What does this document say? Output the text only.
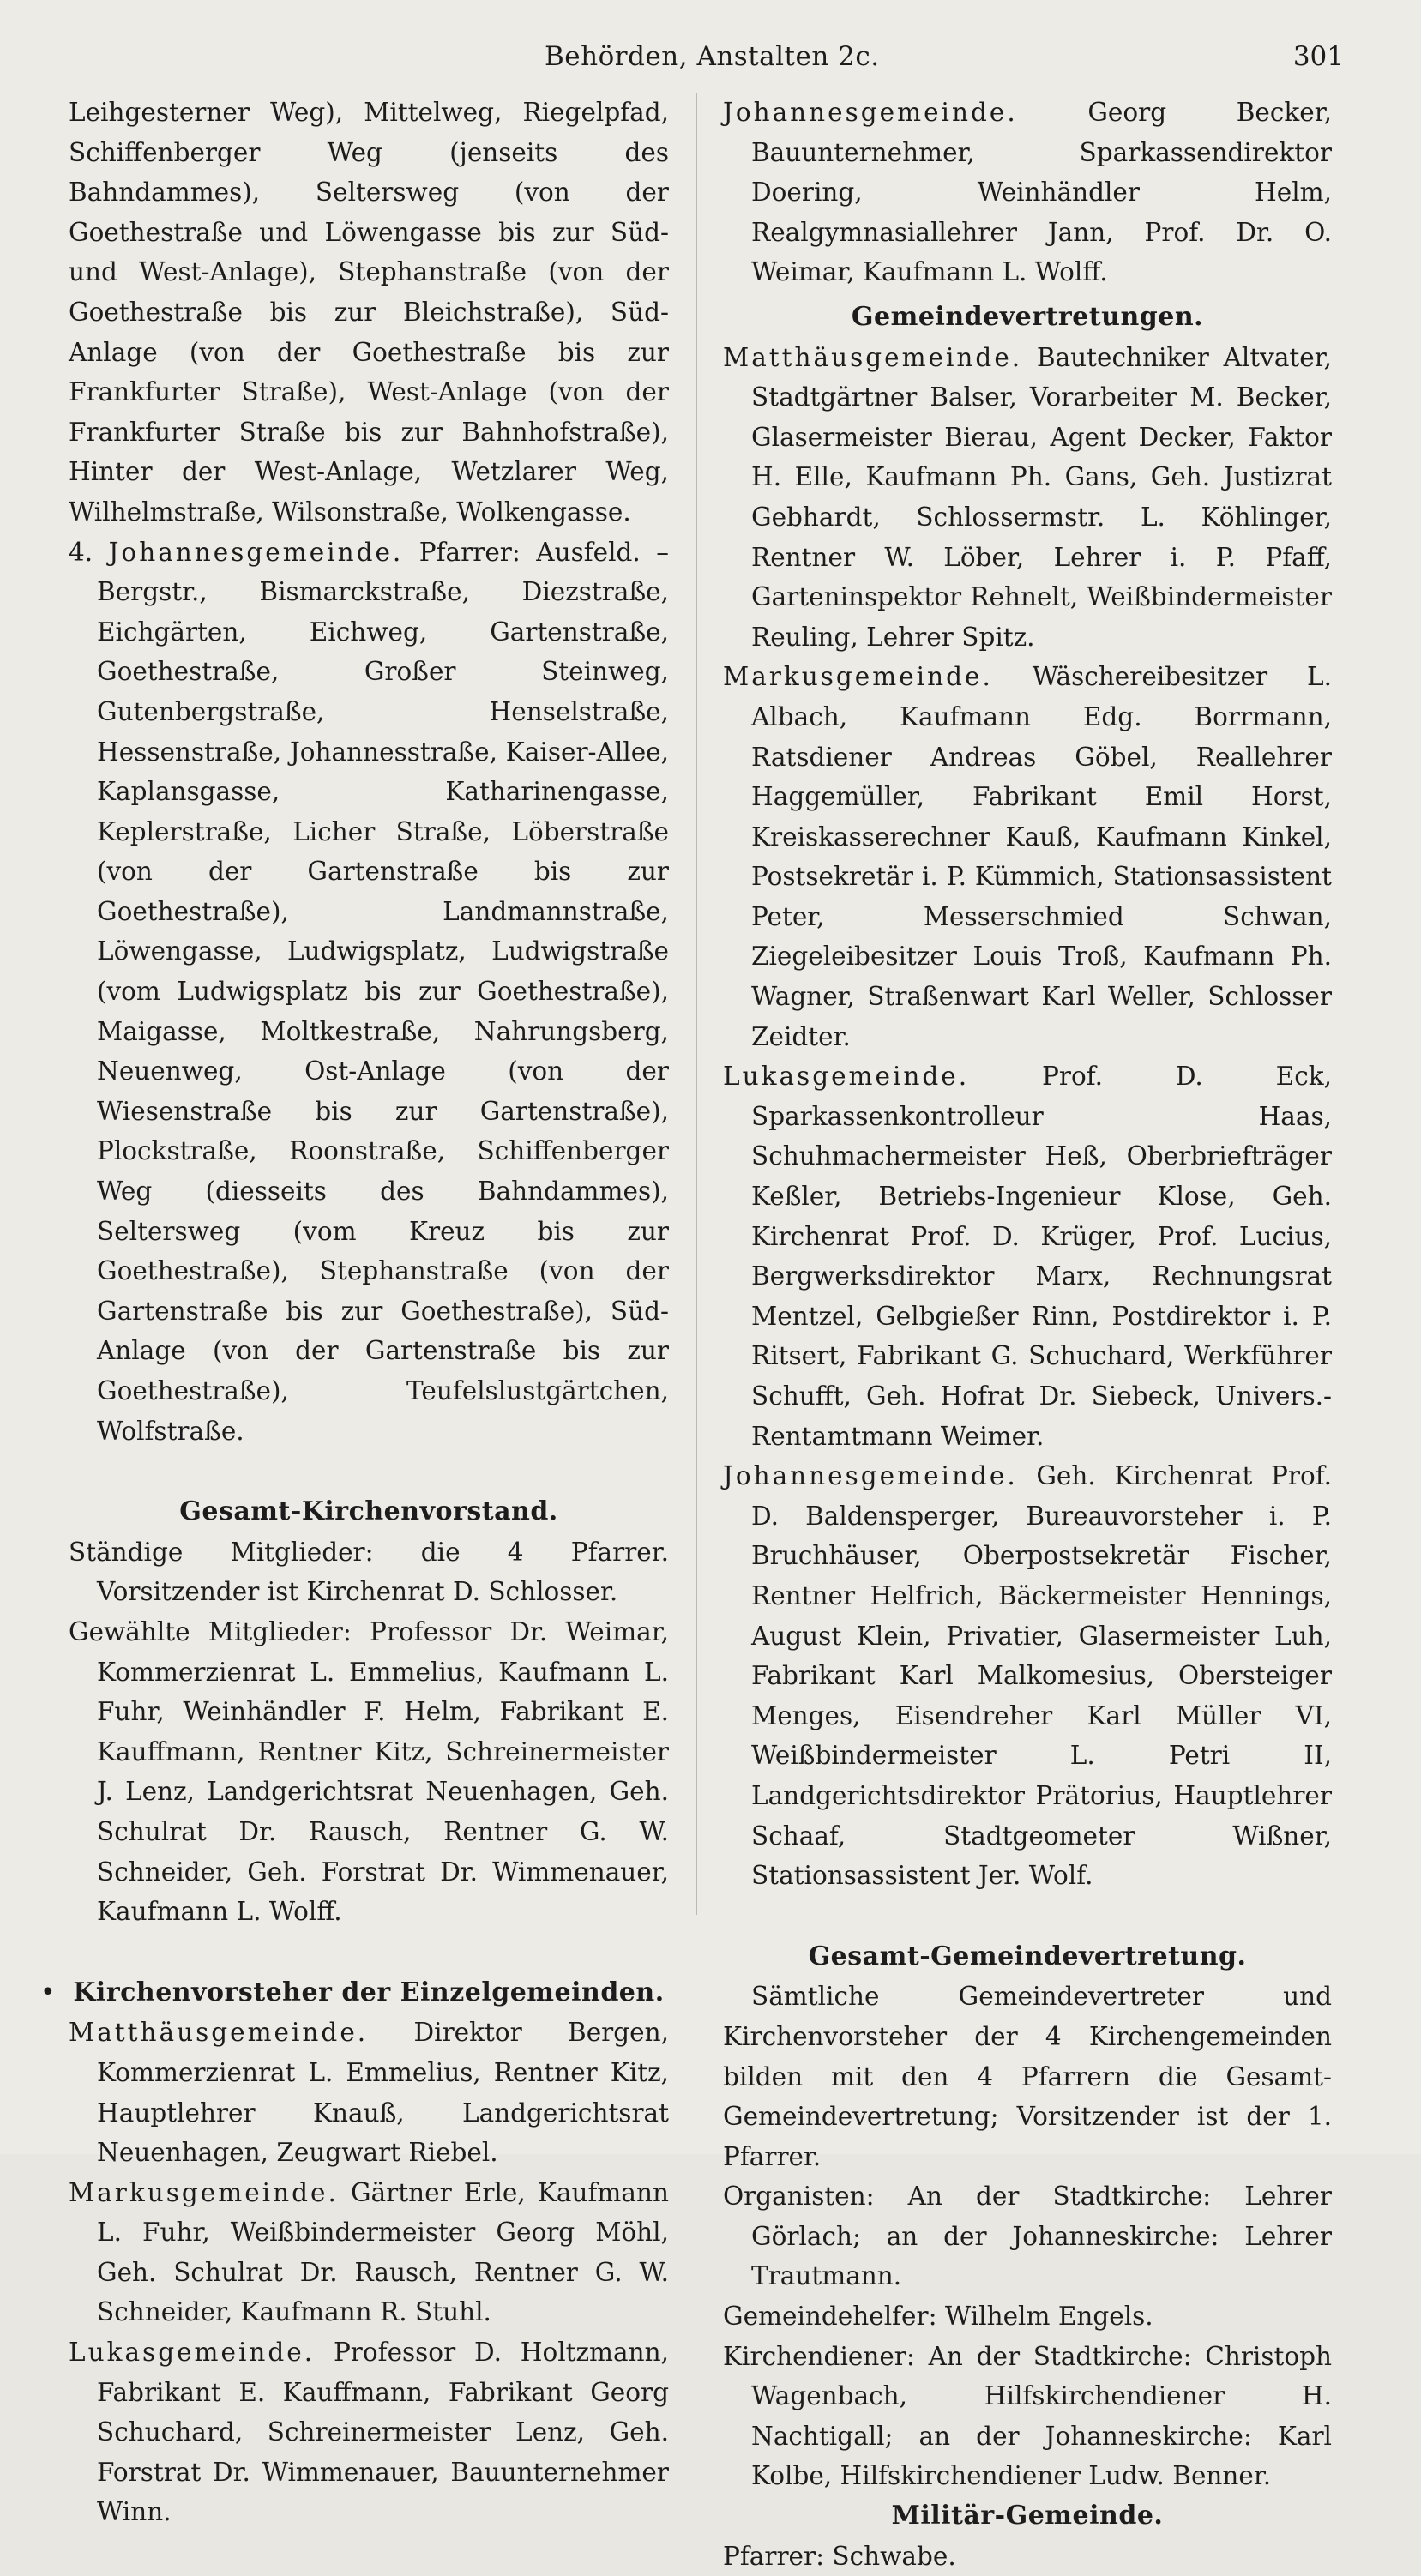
Behörden, Anstalten 2c.	301

Leihgesterner Weg), Mittelweg, Riegelpfad, Schiffenberger Weg (jenseits des Bahndammes), Seltersweg (von der Goethestraße und Löwengasse bis zur Süd- und West-Anlage), Stephanstraße (von der Goethestraße bis zur Bleichstraße), Süd-Anlage (von der Goethestraße bis zur Frankfurter Straße), West-Anlage (von der Frankfurter Straße bis zur Bahnhofstraße), Hinter der West-Anlage, Wetzlarer Weg, Wilhelmstraße, Wilsonstraße, Wolkengasse.

4. Johannesgemeinde. Pfarrer: Ausfeld. – Bergstr., Bismarckstraße, Diezstraße, Eichgärten, Eichweg, Gartenstraße, Goethestraße, Großer Steinweg, Gutenbergstraße, Henselstraße, Hessenstraße, Johannesstraße, Kaiser-Allee, Kaplansgasse, Katharinengasse, Keplerstraße, Licher Straße, Löberstraße (von der Gartenstraße bis zur Goethestraße), Landmannstraße, Löwengasse, Ludwigsplatz, Ludwigstraße (vom Ludwigsplatz bis zur Goethestraße), Maigasse, Moltkestraße, Nahrungsberg, Neuenweg, Ost-Anlage (von der Wiesenstraße bis zur Gartenstraße), Plockstraße, Roonstraße, Schiffenberger Weg (diesseits des Bahndammes), Seltersweg (vom Kreuz bis zur Goethestraße), Stephanstraße (von der Gartenstraße bis zur Goethestraße), Süd-Anlage (von der Gartenstraße bis zur Goethestraße), Teufelslustgärtchen, Wolfstraße.

Gesamt-Kirchenvorstand.

Ständige Mitglieder: die 4 Pfarrer. Vorsitzender ist Kirchenrat D. Schlosser.

Gewählte Mitglieder: Professor Dr. Weimar, Kommerzienrat L. Emmelius, Kaufmann L. Fuhr, Weinhändler F. Helm, Fabrikant E. Kauffmann, Rentner Kitz, Schreinermeister J. Lenz, Landgerichtsrat Neuenhagen, Geh. Schulrat Dr. Rausch, Rentner G. W. Schneider, Geh. Forstrat Dr. Wimmenauer, Kaufmann L. Wolff.

• Kirchenvorsteher der Einzelgemeinden.

Matthäusgemeinde. Direktor Bergen, Kommerzienrat L. Emmelius, Rentner Kitz, Hauptlehrer Knauß, Landgerichtsrat Neuenhagen, Zeugwart Riebel.

Markusgemeinde. Gärtner Erle, Kaufmann L. Fuhr, Weißbindermeister Georg Möhl, Geh. Schulrat Dr. Rausch, Rentner G. W. Schneider, Kaufmann R. Stuhl.

Lukasgemeinde. Professor D. Holtzmann, Fabrikant E. Kauffmann, Fabrikant Georg Schuchard, Schreinermeister Lenz, Geh. Forstrat Dr. Wimmenauer, Bauunternehmer Winn.

Johannesgemeinde.	Georg Becker, Bauunternehmer, Sparkassendirektor Doering, Weinhändler Helm, Realgymnasiallehrer Jann, Prof. Dr. O. Weimar, Kaufmann L. Wolff.

Gemeindevertretungen.

Matthäusgemeinde. Bautechniker Altvater, Stadtgärtner Balser, Vorarbeiter M. Becker, Glasermeister Bierau, Agent Decker, Faktor H. Elle, Kaufmann Ph. Gans, Geh. Justizrat Gebhardt, Schlossermstr. L. Köhlinger, Rentner W. Löber, Lehrer i. P. Pfaff, Garteninspektor Rehnelt, Weißbindermeister Reuling, Lehrer Spitz.

Markusgemeinde. Wäschereibesitzer L. Albach, Kaufmann Edg. Borrmann, Ratsdiener Andreas Göbel, Reallehrer Haggemüller, Fabrikant Emil Horst, Kreiskasserechner Kauß, Kaufmann Kinkel, Postsekretär i. P. Kümmich, Stationsassistent Peter, Messerschmied Schwan, Ziegeleibesitzer Louis Troß, Kaufmann Ph. Wagner, Straßenwart Karl Weller, Schlosser Zeidter.

Lukasgemeinde.	Prof. D. Eck, Sparkassenkontrolleur Haas, Schuhmachermeister Heß, Oberbriefträger Keßler, Betriebs-Ingenieur Klose, Geh. Kirchenrat Prof. D. Krüger, Prof. Lucius, Bergwerksdirektor Marx, Rechnungsrat Mentzel, Gelbgießer Rinn, Postdirektor i. P. Ritsert, Fabrikant G. Schuchard, Werkführer Schufft, Geh. Hofrat Dr. Siebeck, Univers.-Rentamtmann Weimer.

Johannesgemeinde. Geh. Kirchenrat Prof. D. Baldensperger, Bureauvorsteher i. P. Bruchhäuser, Oberpostsekretär Fischer, Rentner Helfrich, Bäckermeister Hennings, August Klein, Privatier, Glasermeister Luh, Fabrikant Karl Malkomesius, Obersteiger Menges, Eisendreher Karl Müller VI, Weißbindermeister L. Petri II, Landgerichtsdirektor Prätorius, Hauptlehrer Schaaf, Stadtgeometer Wißner, Stationsassistent Jer. Wolf.

Gesamt-Gemeindevertretung.

Sämtliche Gemeindevertreter und Kirchenvorsteher der 4 Kirchengemeinden bilden mit den 4 Pfarrern die Gesamt-Gemeindevertretung; Vorsitzender ist der 1. Pfarrer.

Organisten: An der Stadtkirche: Lehrer Görlach; an der Johanneskirche: Lehrer Trautmann.

Gemeindehelfer: Wilhelm Engels.

Kirchendiener: An der Stadtkirche: Christoph Wagenbach, Hilfskirchendiener H. Nachtigall; an der Johanneskirche: Karl Kolbe, Hilfskirchendiener Ludw. Benner.

Militär-Gemeinde.

Pfarrer: Schwabe.
